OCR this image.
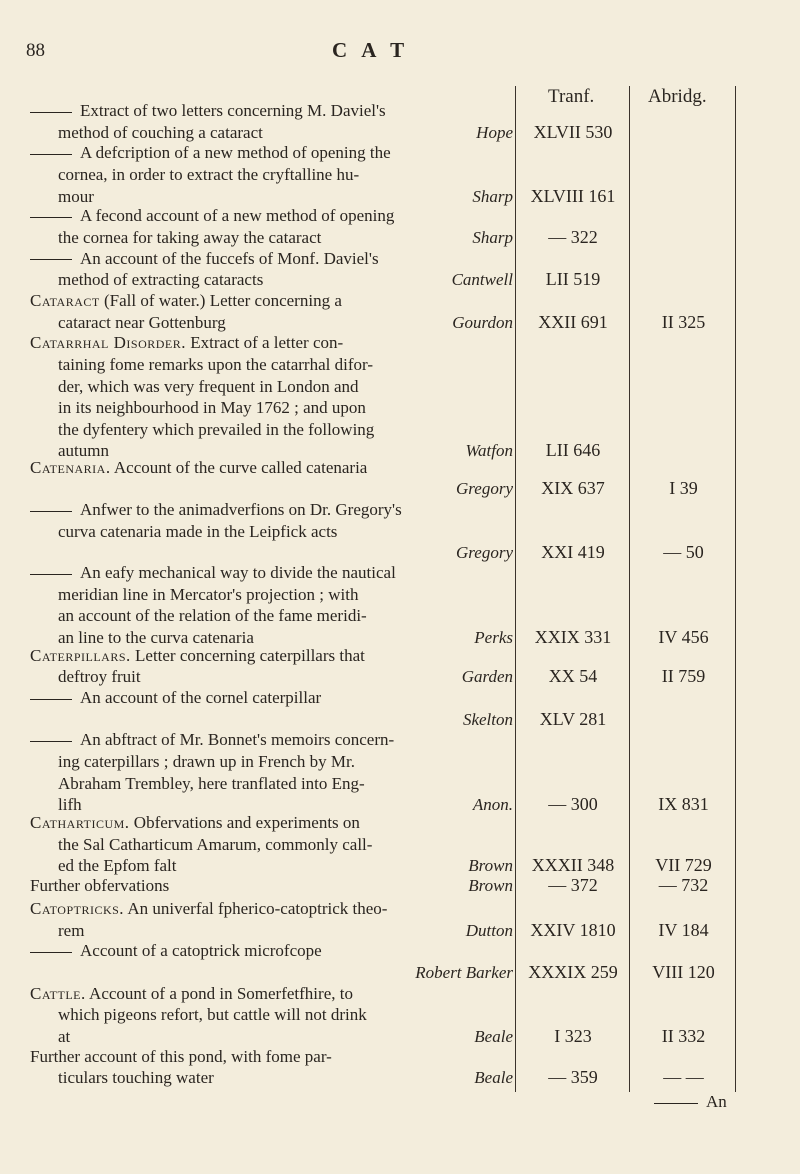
88	C A T
Tranf.	Abridg.
Extract of two letters concerning M. Daviel's
method of couching a cataract	Hope	XLVII 530
A defcription of a new method of opening the
cornea, in order to extract the cryftalline hu-
mour	Sharp XLVIII 161
A fecond account of a new method of opening
the cornea for taking away the cataract	Sharp	— 322
An account of the fuccefs of Monf. Daviel's
method of extracting cataracts	Cantwell	LII 519
Cataract (Fall of water.) Letter concerning a
cataract near Gottenburg	Gourdon	XXII 691	II 325
Catarrhal Disorder. Extract of a letter con-
taining fome remarks upon the catarrhal difor-
der, which was very frequent in London and
in its neighbourhood in May 1762 ; and upon
the dyfentery which prevailed in the following
autumn	Watfon	LII 646
Catenaria. Account of the curve called catenaria
Gregory	XIX 637	I 39
Anfwer to the animadverfions on Dr. Gregory's
curva catenaria made in the Leipfick acts
Gregory	XXI 419	— 50
An eafy mechanical way to divide the nautical
meridian line in Mercator's projection ; with
an account of the relation of the fame meridi-
an line to the curva catenaria	Perks	XXIX 331	IV 456
Caterpillars. Letter concerning caterpillars that
deftroy fruit	Garden	XX 54	II 759
An account of the cornel caterpillar
Skelton	XLV 281
An abftract of Mr. Bonnet's memoirs concern-
ing caterpillars ; drawn up in French by Mr.
Abraham Trembley, here tranflated into Eng-
lifh	Anon.	— 300	IX 831
Catharticum. Obfervations and experiments on
the Sal Catharticum Amarum, commonly call-
ed the Epfom falt	Brown	XXXII 348	VII 729
Further obfervations	Brown	— 372	— 732
Catoptricks. An univerfal fpherico-catoptrick theo-
rem	Dutton XXIV 1810	IV 184
Account of a catoptrick microfcope
Robert Barker XXXIX 259	VIII 120
Cattle. Account of a pond in Somerfetfhire, to
which pigeons refort, but cattle will not drink
at	Beale	I 323	II 332
Further account of this pond, with fome par-
ticulars touching water	Beale	— 359	— —
An
